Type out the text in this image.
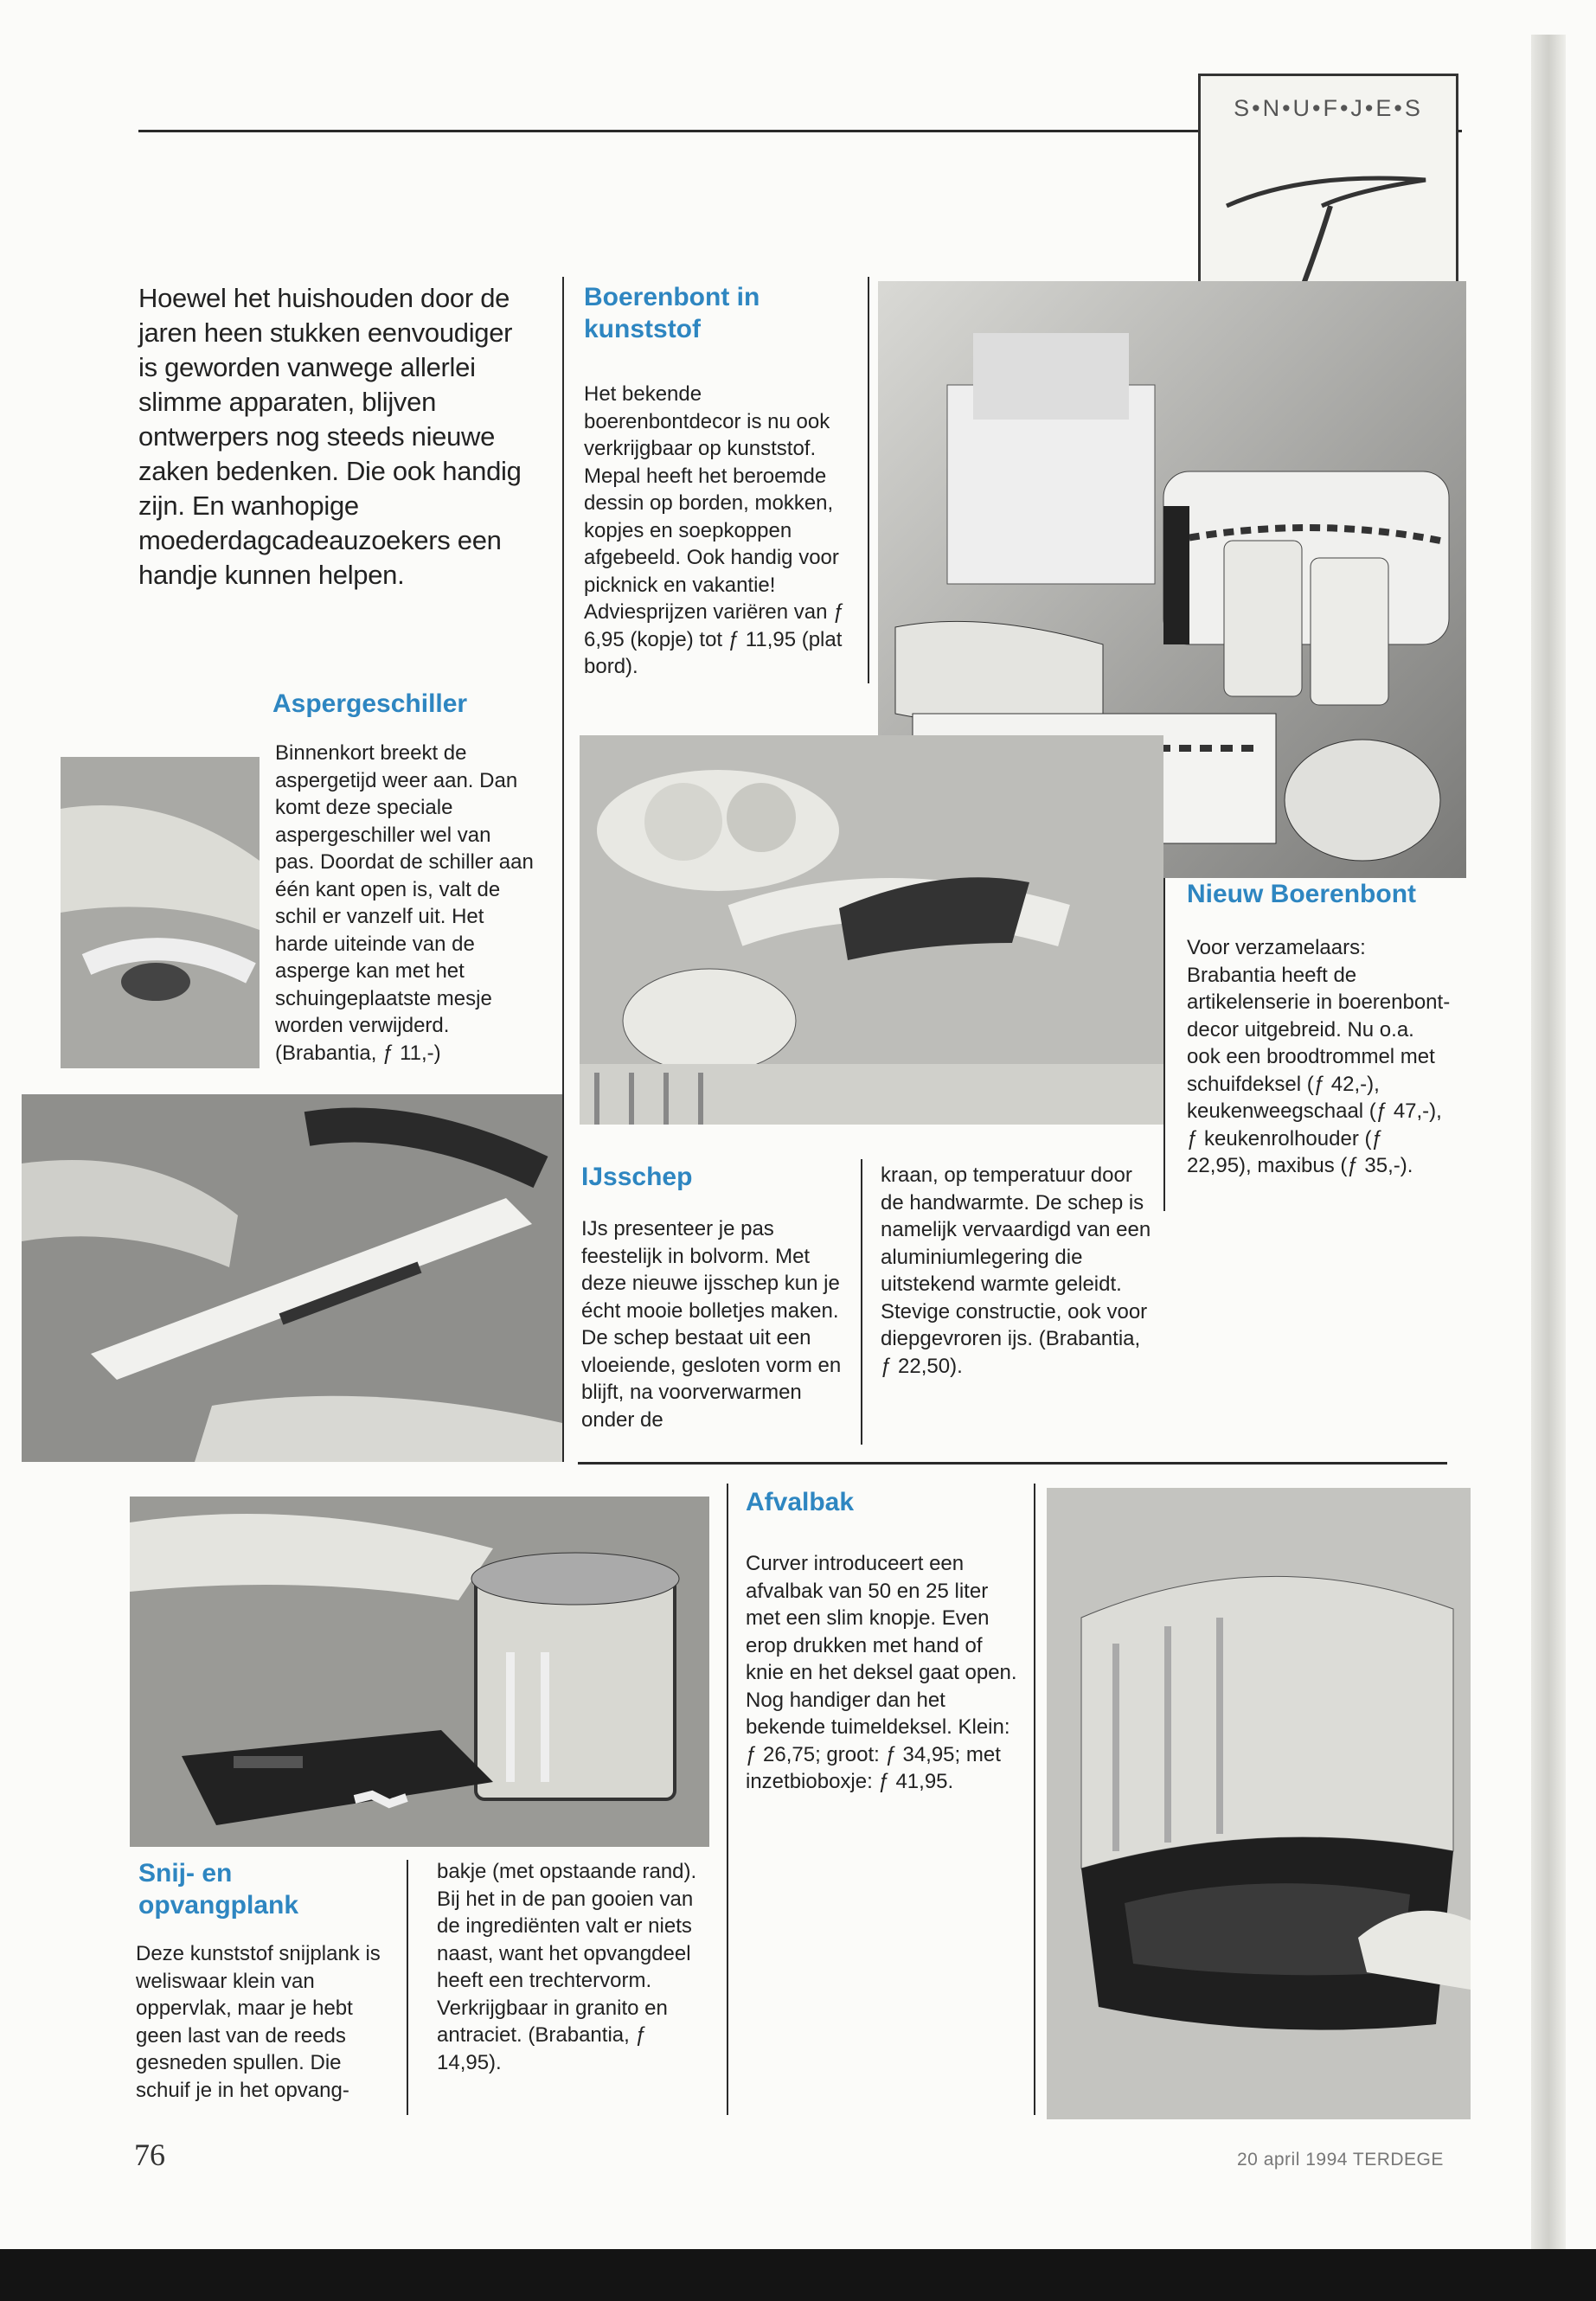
S•N•U•F•J•E•S
Hoewel het huishouden door de jaren heen stukken eenvoudiger is geworden vanwege allerlei slimme apparaten, blijven ontwerpers nog steeds nieuwe zaken bedenken. Die ook handig zijn. En wanhopige moederdagcadeauzoekers een handje kunnen helpen.
Boerenbont in kunststof
Het bekende boerenbontdecor is nu ook verkrijgbaar op kunststof. Mepal heeft het beroemde dessin op borden, mokken, kopjes en soepkoppen afgebeeld. Ook handig voor picknick en vakantie! Adviesprijzen variëren van ƒ 6,95 (kopje) tot ƒ 11,95 (plat bord).
Aspergeschiller
Binnenkort breekt de aspergetijd weer aan. Dan komt deze speciale aspergeschiller wel van pas. Doordat de schiller aan één kant open is, valt de schil er vanzelf uit. Het harde uiteinde van de asperge kan met het schuingeplaatste mesje worden verwijderd. (Brabantia, ƒ 11,-)
Nieuw Boerenbont
Voor verzamelaars: Brabantia heeft de artikelenserie in boerenbont-decor uitgebreid. Nu o.a. ook een broodtrommel met schuifdeksel (ƒ 42,-), keukenweegschaal (ƒ 47,-), ƒ keukenrolhouder (ƒ 22,95), maxibus (ƒ 35,-).
IJsschep
IJs presenteer je pas feestelijk in bolvorm. Met deze nieuwe ijsschep kun je écht mooie bolletjes maken. De schep bestaat uit een vloeiende, gesloten vorm en blijft, na voorverwarmen onder de
kraan, op temperatuur door de handwarmte. De schep is namelijk vervaardigd van een aluminiumlegering die uitstekend warmte geleidt. Stevige constructie, ook voor diepgevroren ijs. (Brabantia, ƒ 22,50).
Afvalbak
Curver introduceert een afvalbak van 50 en 25 liter met een slim knopje. Even erop drukken met hand of knie en het deksel gaat open. Nog handiger dan het bekende tuimeldeksel. Klein: ƒ 26,75; groot: ƒ 34,95; met inzetbioboxje: ƒ 41,95.
Snij- en opvangplank
Deze kunststof snijplank is weliswaar klein van oppervlak, maar je hebt geen last van de reeds gesneden spullen. Die schuif je in het opvang-
bakje (met opstaande rand). Bij het in de pan gooien van de ingrediënten valt er niets naast, want het opvangdeel heeft een trechtervorm. Verkrijgbaar in granito en antraciet. (Brabantia, ƒ 14,95).
76	20 april 1994 TERDEGE
